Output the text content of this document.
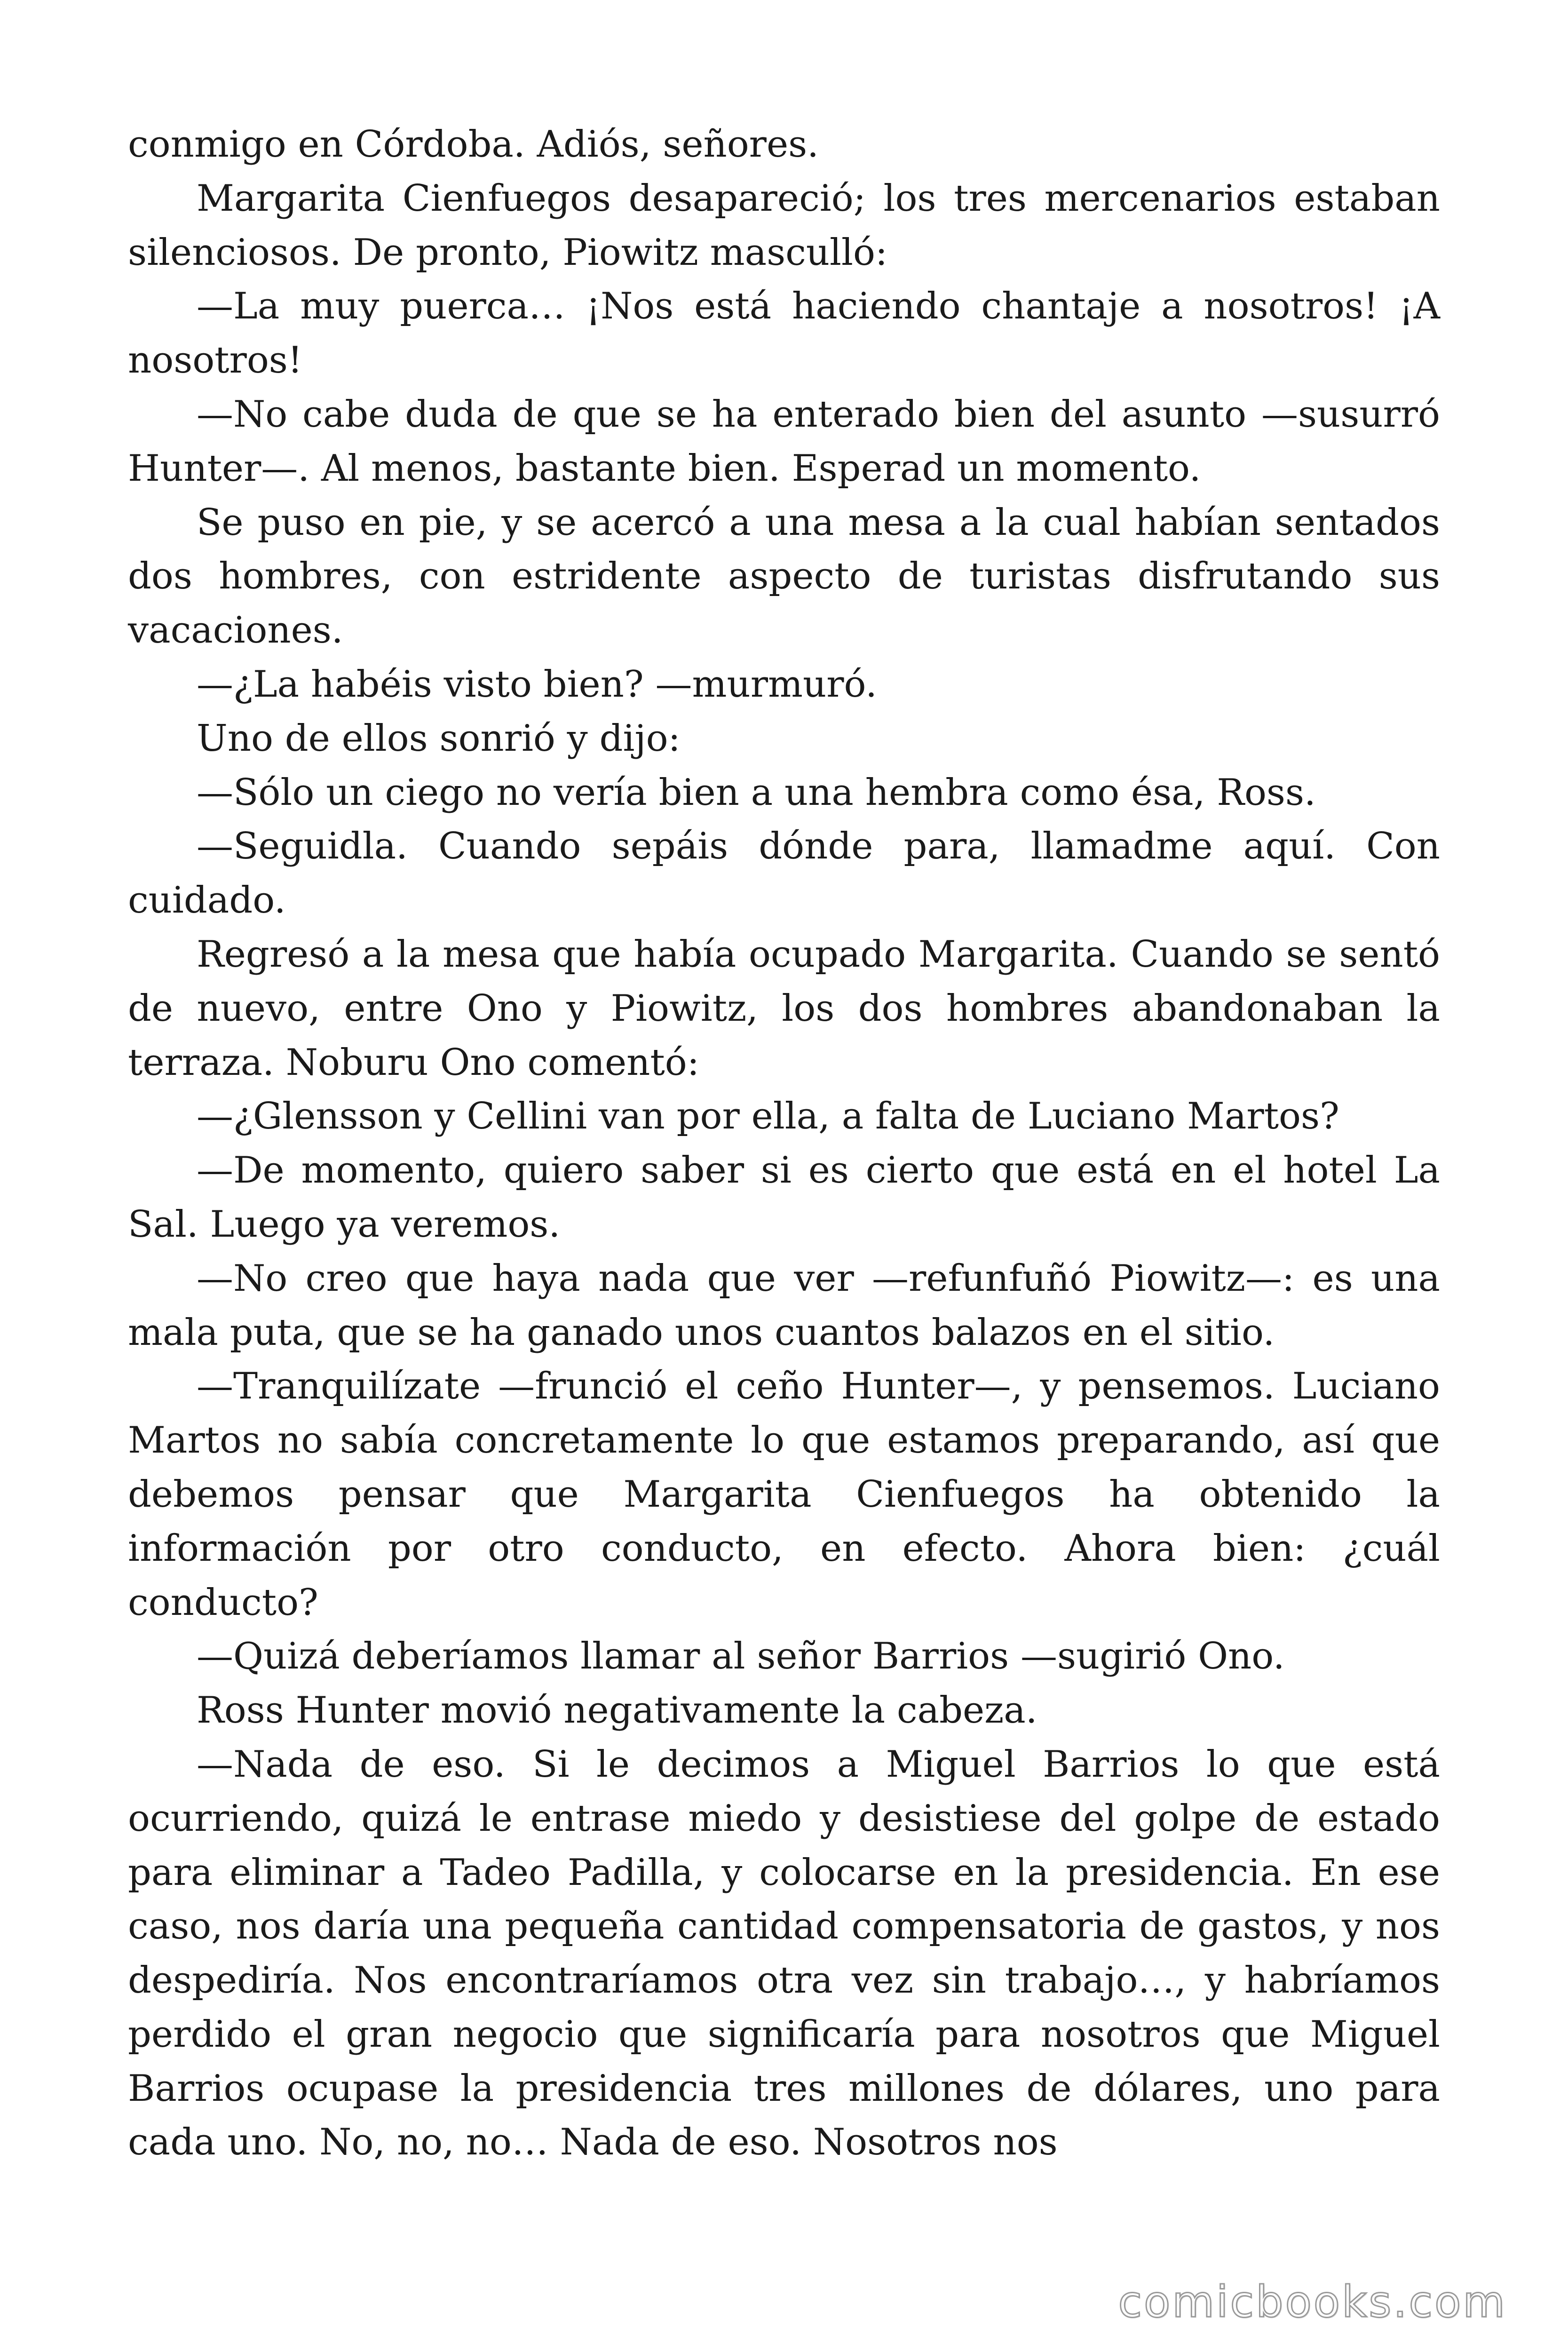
conmigo en Córdoba. Adiós, señores.

Margarita Cienfuegos desapareció; los tres mercenarios estaban silenciosos. De pronto, Piowitz masculló:

—La muy puerca… ¡Nos está haciendo chantaje a nosotros! ¡A nosotros!

—No cabe duda de que se ha enterado bien del asunto —susurró Hunter—. Al menos, bastante bien. Esperad un momento.

Se puso en pie, y se acercó a una mesa a la cual habían sentados dos hombres, con estridente aspecto de turistas disfrutando sus vacaciones.

—¿La habéis visto bien? —murmuró.

Uno de ellos sonrió y dijo:

—Sólo un ciego no vería bien a una hembra como ésa, Ross.

—Seguidla. Cuando sepáis dónde para, llamadme aquí. Con cuidado.

Regresó a la mesa que había ocupado Margarita. Cuando se sentó de nuevo, entre Ono y Piowitz, los dos hombres abandonaban la terraza. Noburu Ono comentó:

—¿Glensson y Cellini van por ella, a falta de Luciano Martos?

—De momento, quiero saber si es cierto que está en el hotel La Sal. Luego ya veremos.

—No creo que haya nada que ver —refunfuñó Piowitz—: es una mala puta, que se ha ganado unos cuantos balazos en el sitio.

—Tranquilízate —frunció el ceño Hunter—, y pensemos. Luciano Martos no sabía concretamente lo que estamos preparando, así que debemos pensar que Margarita Cienfuegos ha obtenido la información por otro conducto, en efecto. Ahora bien: ¿cuál conducto?

—Quizá deberíamos llamar al señor Barrios —sugirió Ono.

Ross Hunter movió negativamente la cabeza.

—Nada de eso. Si le decimos a Miguel Barrios lo que está ocurriendo, quizá le entrase miedo y desistiese del golpe de estado para eliminar a Tadeo Padilla, y colocarse en la presidencia. En ese caso, nos daría una pequeña cantidad compensatoria de gastos, y nos despediría. Nos encontraríamos otra vez sin trabajo…, y habríamos perdido el gran negocio que significaría para nosotros que Miguel Barrios ocupase la presidencia tres millones de dólares, uno para cada uno. No, no, no… Nada de eso. Nosotros nos

comicbooks.com
